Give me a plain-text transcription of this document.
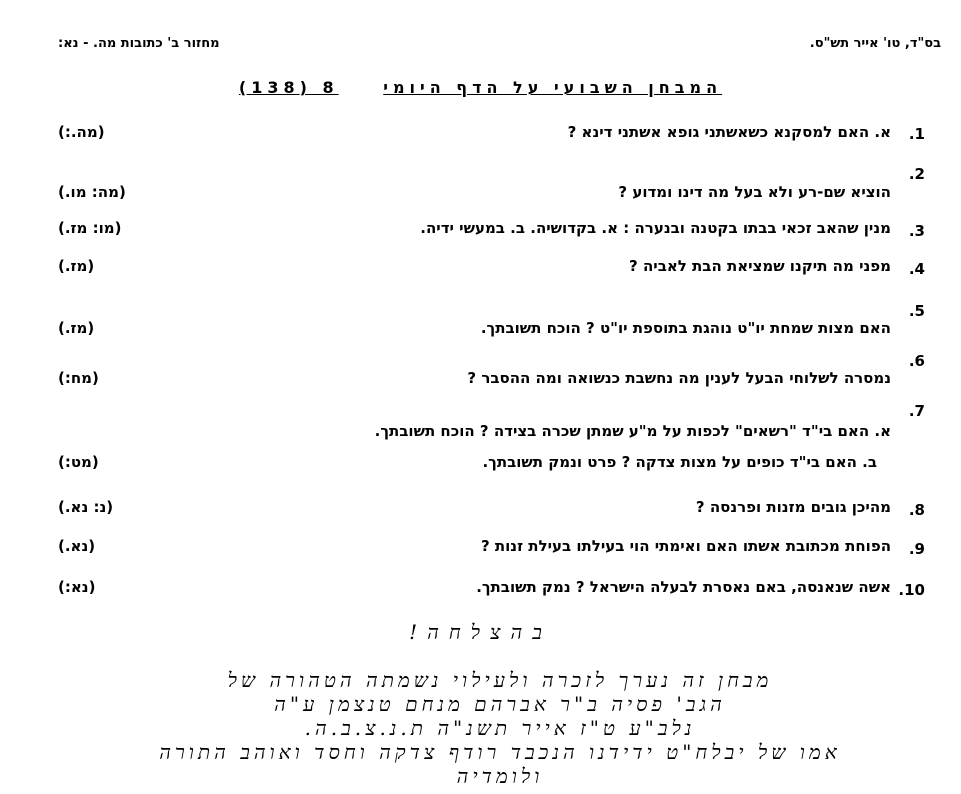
בס"ד, טו' אייר תש"ס.
מחזור ב' כתובות מה. - נא:
המבחן השבועי על הדף היומי 8 (138)
.1
א. האם למסקנא כשאשתני גופא אשתני דינא ?
(מה.:)
.2
הוציא שם-רע ולא בעל מה דינו ומדוע ?
(מה: מו.)
.3
מנין שהאב זכאי בבתו בקטנה ובנערה : א. בקדושיה. ב. במעשי ידיה.
(מו: מז.)
.4
מפני מה תיקנו שמציאת הבת לאביה ?
(מז.)
.5
האם מצות שמחת יו"ט נוהגת בתוספת יו"ט ? הוכח תשובתך.
(מז.)
.6
נמסרה לשלוחי הבעל לענין מה נחשבת כנשואה ומה ההסבר ?
(מח:)
.7
א. האם בי"ד "רשאים" לכפות על מ"ע שמתן שכרה בצידה ? הוכח תשובתך.
ב. האם בי"ד כופים על מצות צדקה ? פרט ונמק תשובתך.
(מט:)
.8
מהיכן גובים מזנות ופרנסה ?
(נ: נא.)
.9
הפוחת מכתובת אשתו האם ואימתי הוי בעילתו בעילת זנות ?
(נא.)
.10
אשה שנאנסה, באם נאסרת לבעלה הישראל ? נמק תשובתך.
(נא:)
בהצלחה!
מבחן זה נערך לזכרה ולעילוי נשמתה הטהורה של
הגב' פסיה ב"ר אברהם מנחם טנצמן ע"ה
נלב"ע ט"ז אייר תשנ"ה ת.נ.צ.ב.ה.
אמו של יבלח"ט ידידנו הנכבד רודף צדקה וחסד ואוהב התורה
ולומדיה
